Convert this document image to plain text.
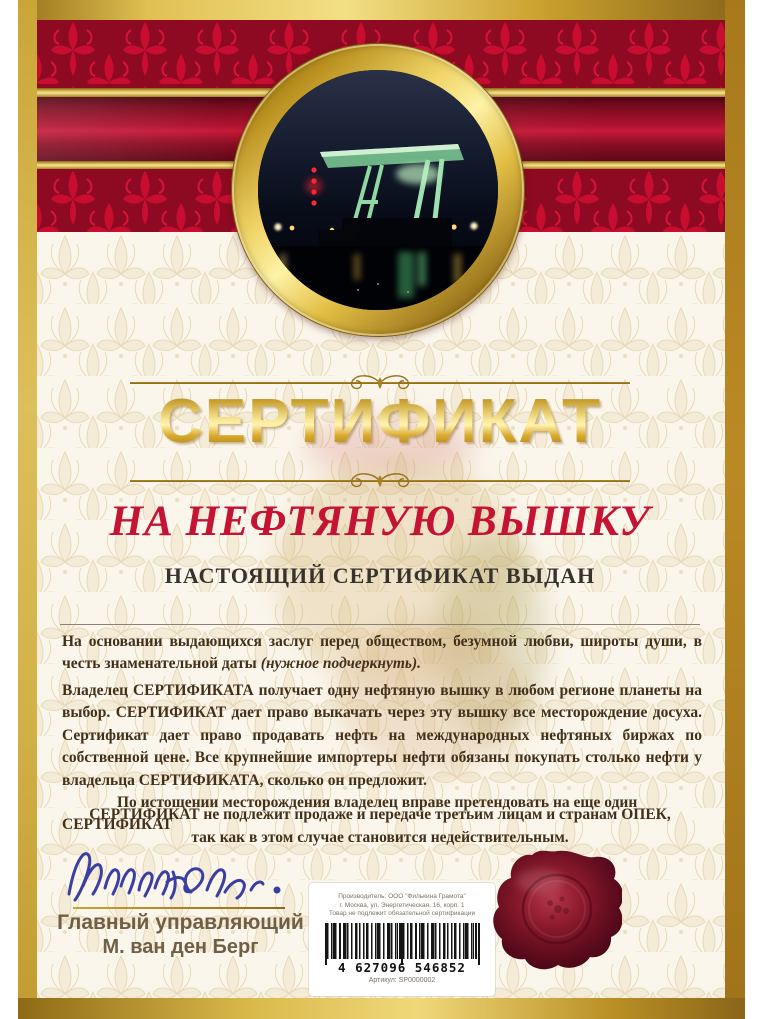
СЕРТИФИКАТ
НА НЕФТЯНУЮ ВЫШКУ
НАСТОЯЩИЙ СЕРТИФИКАТ ВЫДАН
На основании выдающихся заслуг перед обществом, безумной любви, широты души, в честь знаменательной даты (нужное подчеркнуть).
Владелец СЕРТИФИКАТА получает одну нефтяную вышку в любом регионе планеты на выбор. СЕРТИФИКАТ дает право выкачать через эту вышку все месторождение досуха. Сертификат дает право продавать нефть на международных нефтяных биржах по собственной цене. Все крупнейшие импортеры нефти обязаны покупать столько нефти у владельца СЕРТИФИКАТА, сколько он предложит.
По истощении месторождения владелец вправе претендовать на еще один СЕРТИФИКАТ
СЕРТИФИКАТ не подлежит продаже и передаче третьим лицам и странам ОПЕК,
так как в этом случае становится недействительным.
Главный управляющий
М. ван ден Берг
Производитель: ООО "Филькина Грамота"
г. Москва, ул. Энергетическая, 16, корп. 1
Товар не подлежит обязательной сертификации
4 627096 546852
Артикул: SP0000002
